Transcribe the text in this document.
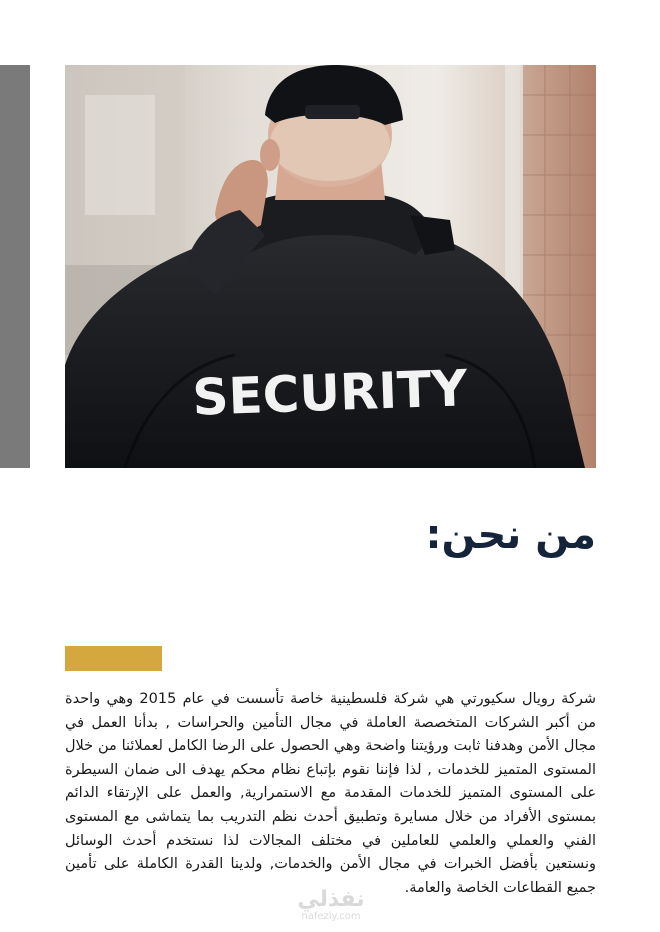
SECURITY
من نحن:

شركة رويال سكيورتي هي شركة فلسطينية خاصة تأسست في عام 2015 وهي واحدة من أكبر الشركات المتخصصة العاملة في مجال التأمين والحراسات , بدأنا العمل في مجال الأمن وهدفنا ثابت ورؤيتنا واضحة وهي الحصول على الرضا الكامل لعملائنا من خلال المستوى المتميز للخدمات , لذا فإننا نقوم بإتباع نظام محكم يهدف الى ضمان السيطرة على المستوى المتميز للخدمات المقدمة مع الاستمرارية, والعمل على الإرتقاء الدائم بمستوى الأفراد من خلال مسايرة وتطبيق أحدث نظم التدريب بما يتماشى مع المستوى الفني والعملي والعلمي للعاملين في مختلف المجالات لذا نستخدم أحدث الوسائل ونستعين بأفضل الخبرات في مجال الأمن والخدمات, ولدينا القدرة الكاملة على تأمين جميع القطاعات الخاصة والعامة.

نفذلي
nafezly.com
